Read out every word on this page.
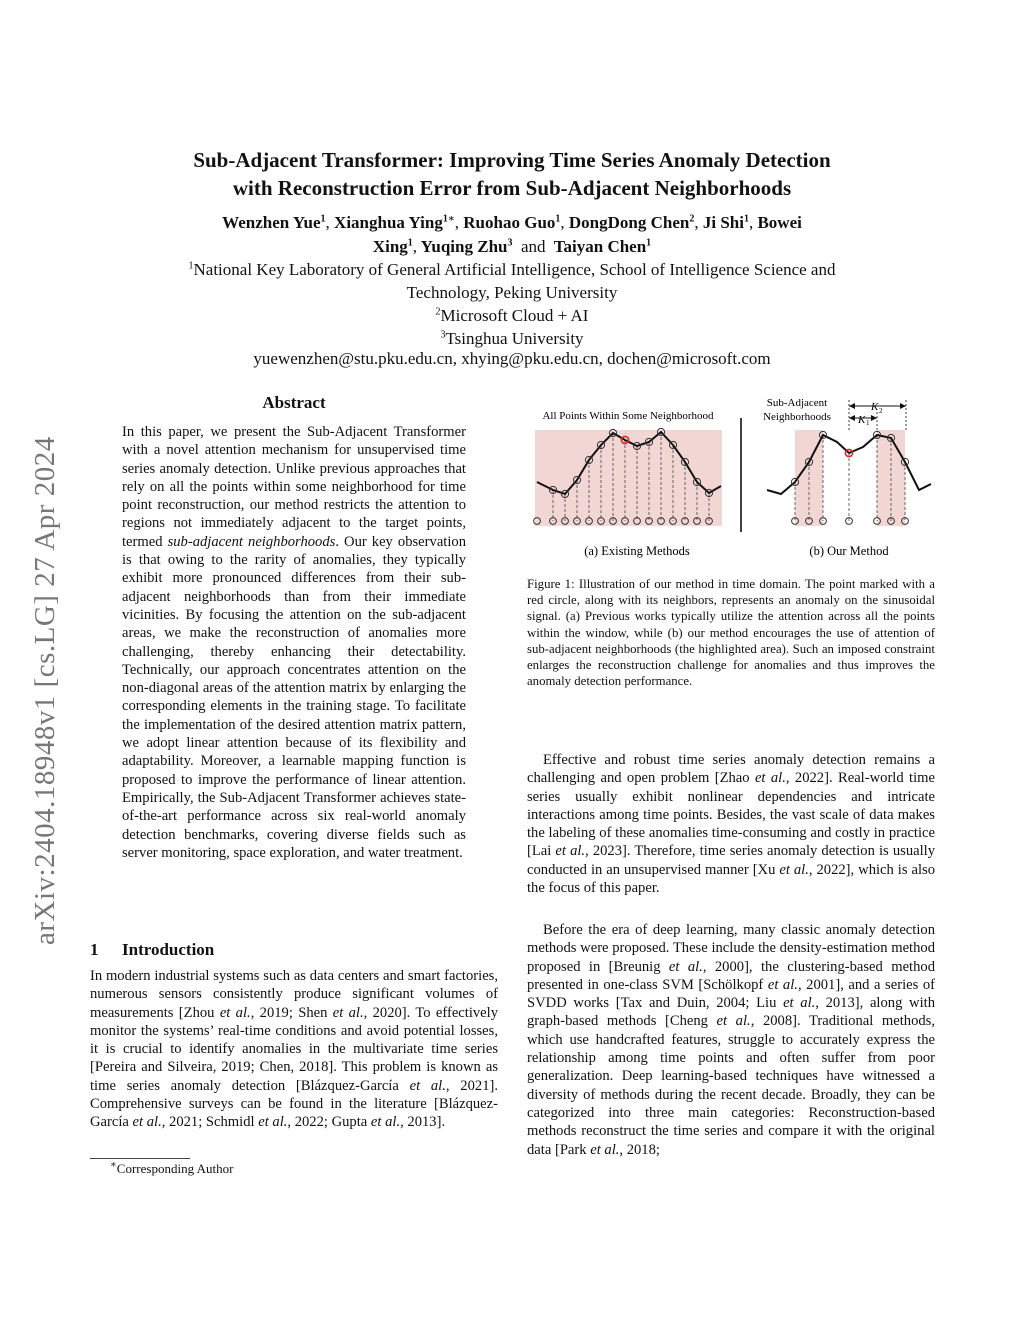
arXiv:2404.18948v1 [cs.LG] 27 Apr 2024
Sub-Adjacent Transformer: Improving Time Series Anomaly Detection
with Reconstruction Error from Sub-Adjacent Neighborhoods
Wenzhen Yue$^1$, Xianghua Ying$^{1∗}$, Ruohao Guo$^1$, DongDong Chen$^2$, Ji Shi$^1$, Bowei
Xing$^1$, Yuqing Zhu$^3$ and Taiyan Chen$^1$
$^1$National Key Laboratory of General Artificial Intelligence, School of Intelligence Science and
Technology, Peking University
$^2$Microsoft Cloud + AI
$^3$Tsinghua University
yuewenzhen@stu.pku.edu.cn, xhying@pku.edu.cn, dochen@microsoft.com
Abstract
In this paper, we present the Sub-Adjacent Transformer with a novel attention mechanism for unsupervised time series anomaly detection. Unlike previous approaches that rely on all the points within some neighborhood for time point reconstruction, our method restricts the attention to regions not immediately adjacent to the target points, termed sub-adjacent neighborhoods. Our key observation is that owing to the rarity of anomalies, they typically exhibit more pronounced differences from their sub-adjacent neighborhoods than from their immediate vicinities. By focusing the attention on the sub-adjacent areas, we make the reconstruction of anomalies more challenging, thereby enhancing their detectability. Technically, our approach concentrates attention on the non-diagonal areas of the attention matrix by enlarging the corresponding elements in the training stage. To facilitate the implementation of the desired attention matrix pattern, we adopt linear attention because of its flexibility and adaptability. Moreover, a learnable mapping function is proposed to improve the performance of linear attention. Empirically, the Sub-Adjacent Transformer achieves state-of-the-art performance across six real-world anomaly detection benchmarks, covering diverse fields such as server monitoring, space exploration, and water treatment.
1 Introduction
In modern industrial systems such as data centers and smart factories, numerous sensors consistently produce significant volumes of measurements [Zhou et al., 2019; Shen et al., 2020]. To effectively monitor the systems’ real-time conditions and avoid potential losses, it is crucial to identify anomalies in the multivariate time series [Pereira and Silveira, 2019; Chen, 2018]. This problem is known as time series anomaly detection [Blázquez-García et al., 2021]. Comprehensive surveys can be found in the literature [Blázquez-García et al., 2021; Schmidl et al., 2022; Gupta et al., 2013].
∗Corresponding Author
All Points Within Some Neighborhood
Sub-Adjacent
Neighborhoods
K 2
K 1
(a) Existing Methods	(b) Our Method
Figure 1: Illustration of our method in time domain. The point marked with a red circle, along with its neighbors, represents an anomaly on the sinusoidal signal. (a) Previous works typically utilize the attention across all the points within the window, while (b) our method encourages the use of attention of sub-adjacent neighborhoods (the highlighted area). Such an imposed constraint enlarges the reconstruction challenge for anomalies and thus improves the anomaly detection performance.
Effective and robust time series anomaly detection remains a challenging and open problem [Zhao et al., 2022]. Real-world time series usually exhibit nonlinear dependencies and intricate interactions among time points. Besides, the vast scale of data makes the labeling of these anomalies time-consuming and costly in practice [Lai et al., 2023]. Therefore, time series anomaly detection is usually conducted in an unsupervised manner [Xu et al., 2022], which is also the focus of this paper.
Before the era of deep learning, many classic anomaly detection methods were proposed. These include the density-estimation method proposed in [Breunig et al., 2000], the clustering-based method presented in one-class SVM [Schölkopf et al., 2001], and a series of SVDD works [Tax and Duin, 2004; Liu et al., 2013], along with graph-based methods [Cheng et al., 2008]. Traditional methods, which use handcrafted features, struggle to accurately express the relationship among time points and often suffer from poor generalization. Deep learning-based techniques have witnessed a diversity of methods during the recent decade. Broadly, they can be categorized into three main categories: Reconstruction-based methods reconstruct the time series and compare it with the original data [Park et al., 2018;
